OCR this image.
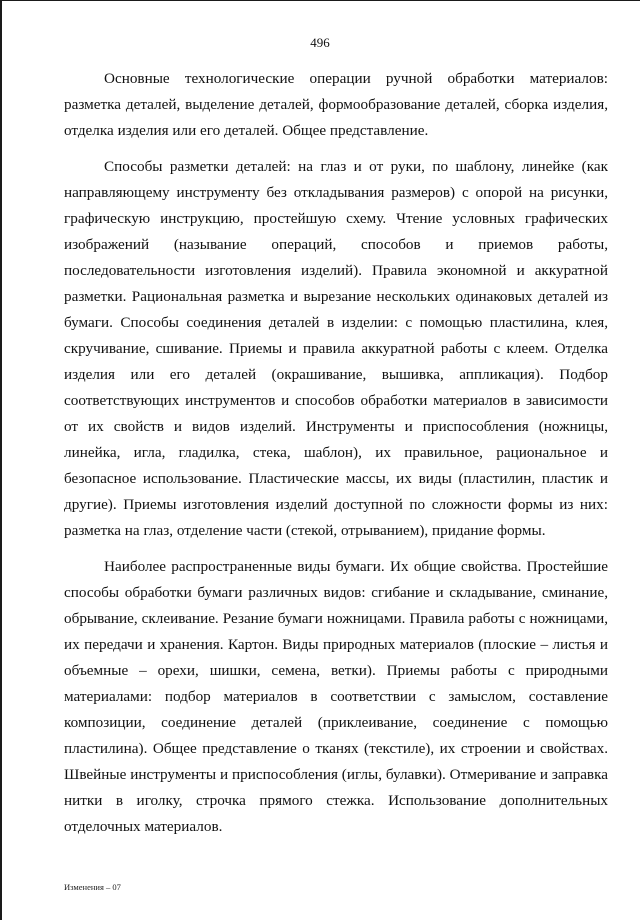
496

Основные технологические операции ручной обработки материалов: разметка деталей, выделение деталей, формообразование деталей, сборка изделия, отделка изделия или его деталей. Общее представление.

Способы разметки деталей: на глаз и от руки, по шаблону, линейке (как направляющему инструменту без откладывания размеров) с опорой на рисунки, графическую инструкцию, простейшую схему. Чтение условных графических изображений (называние операций, способов и приемов работы, последовательности изготовления изделий). Правила экономной и аккуратной разметки. Рациональная разметка и вырезание нескольких одинаковых деталей из бумаги. Способы соединения деталей в изделии: с помощью пластилина, клея, скручивание, сшивание. Приемы и правила аккуратной работы с клеем. Отделка изделия или его деталей (окрашивание, вышивка, аппликация). Подбор соответствующих инструментов и способов обработки материалов в зависимости от их свойств и видов изделий. Инструменты и приспособления (ножницы, линейка, игла, гладилка, стека, шаблон), их правильное, рациональное и безопасное использование. Пластические массы, их виды (пластилин, пластик и другие). Приемы изготовления изделий доступной по сложности формы из них: разметка на глаз, отделение части (стекой, отрыванием), придание формы.

Наиболее распространенные виды бумаги. Их общие свойства. Простейшие способы обработки бумаги различных видов: сгибание и складывание, сминание, обрывание, склеивание. Резание бумаги ножницами. Правила работы с ножницами, их передачи и хранения. Картон. Виды природных материалов (плоские – листья и объемные – орехи, шишки, семена, ветки). Приемы работы с природными материалами: подбор материалов в соответствии с замыслом, составление композиции, соединение деталей (приклеивание, соединение с помощью пластилина). Общее представление о тканях (текстиле), их строении и свойствах. Швейные инструменты и приспособления (иглы, булавки). Отмеривание и заправка нитки в иголку, строчка прямого стежка. Использование дополнительных отделочных материалов.

Изменения – 07
